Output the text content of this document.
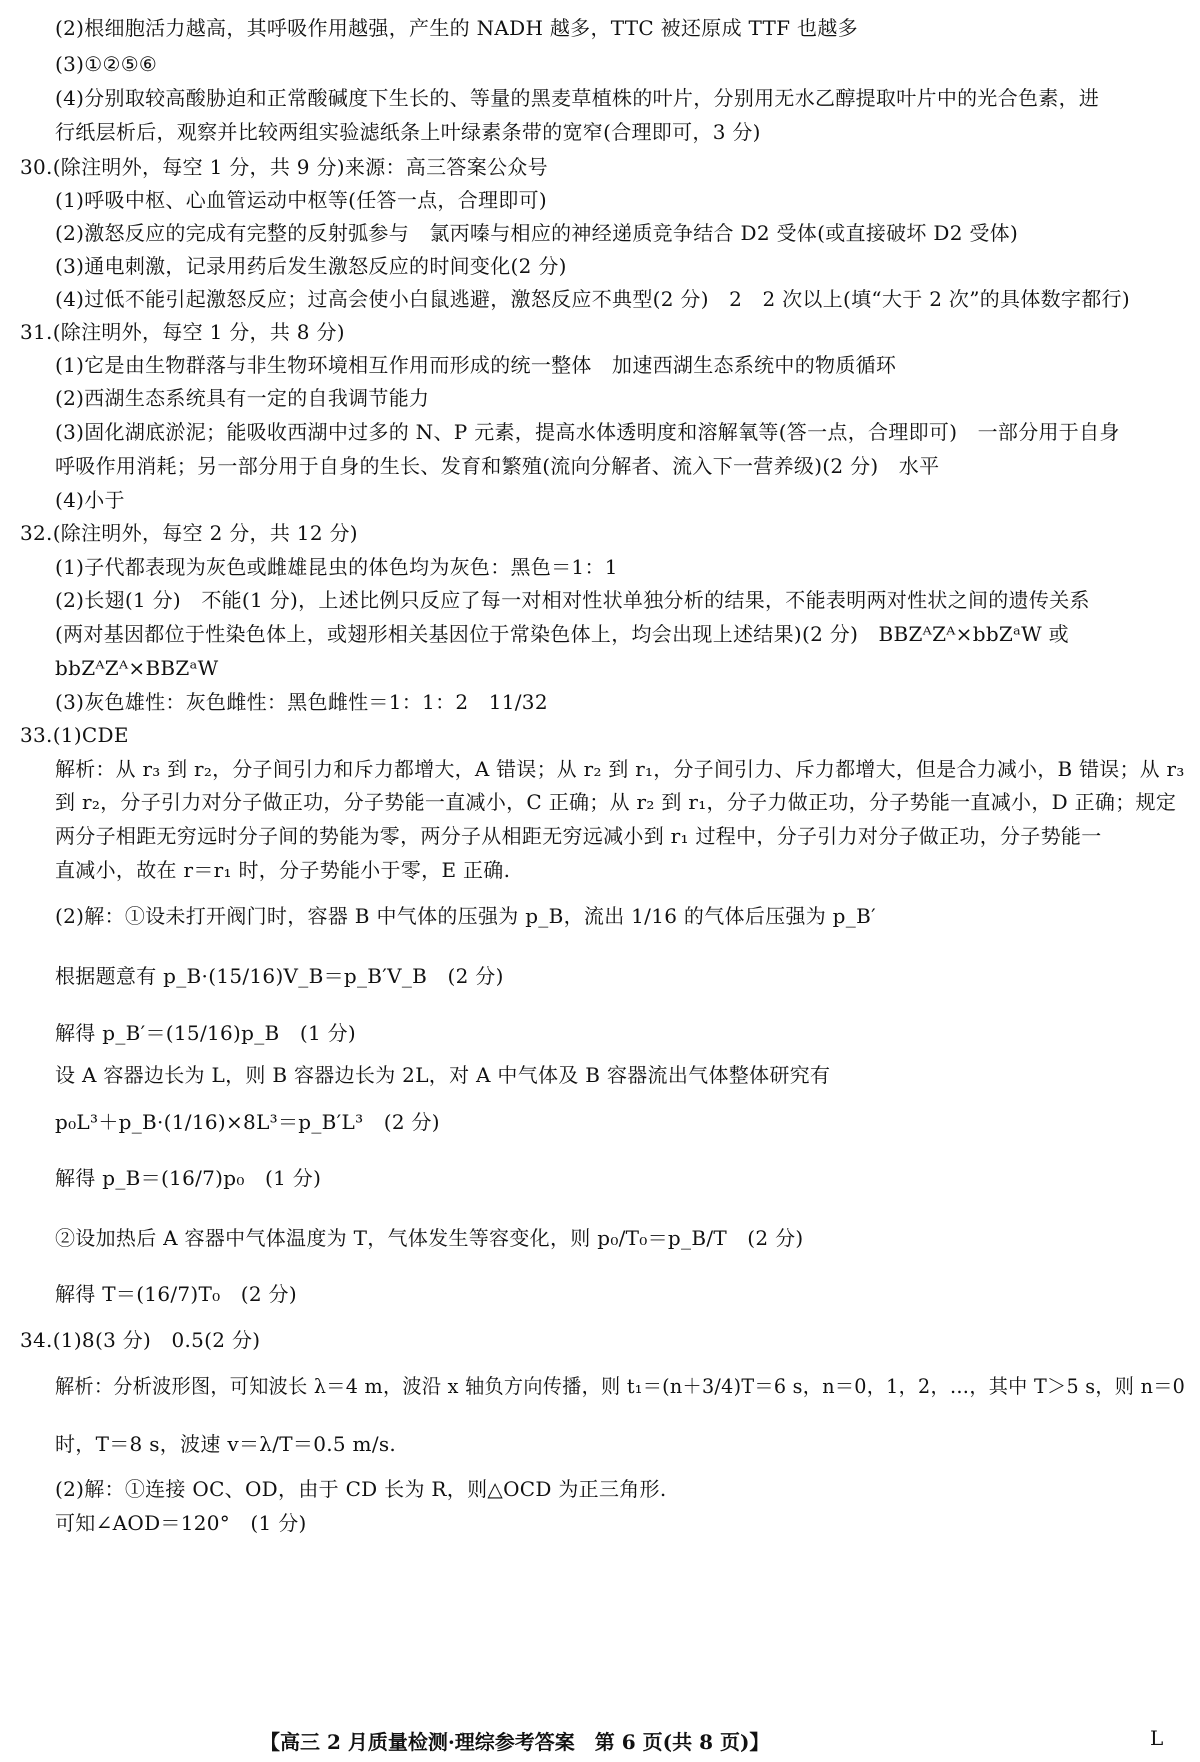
(2)根细胞活力越高，其呼吸作用越强，产生的 NADH 越多，TTC 被还原成 TTF 也越多
(3)①②⑤⑥
(4)分别取较高酸胁迫和正常酸碱度下生长的、等量的黑麦草植株的叶片，分别用无水乙醇提取叶片中的光合色素，进
行纸层析后，观察并比较两组实验滤纸条上叶绿素条带的宽窄(合理即可，3 分)
30.(除注明外，每空 1 分，共 9 分)来源：高三答案公众号
(1)呼吸中枢、心血管运动中枢等(任答一点，合理即可)
(2)激怒反应的完成有完整的反射弧参与　氯丙嗪与相应的神经递质竞争结合 D2 受体(或直接破坏 D2 受体)
(3)通电刺激，记录用药后发生激怒反应的时间变化(2 分)
(4)过低不能引起激怒反应；过高会使小白鼠逃避，激怒反应不典型(2 分)　2　2 次以上(填“大于 2 次”的具体数字都行)
31.(除注明外，每空 1 分，共 8 分)
(1)它是由生物群落与非生物环境相互作用而形成的统一整体　加速西湖生态系统中的物质循环
(2)西湖生态系统具有一定的自我调节能力
(3)固化湖底淤泥；能吸收西湖中过多的 N、P 元素，提高水体透明度和溶解氧等(答一点，合理即可)　一部分用于自身
呼吸作用消耗；另一部分用于自身的生长、发育和繁殖(流向分解者、流入下一营养级)(2 分)　水平
(4)小于
32.(除注明外，每空 2 分，共 12 分)
(1)子代都表现为灰色或雌雄昆虫的体色均为灰色：黑色＝1：1
(2)长翅(1 分)　不能(1 分)，上述比例只反应了每一对相对性状单独分析的结果，不能表明两对性状之间的遗传关系
(两对基因都位于性染色体上，或翅形相关基因位于常染色体上，均会出现上述结果)(2 分)　BBZᴬZᴬ×bbZᵃW 或
bbZᴬZᴬ×BBZᵃW
(3)灰色雄性：灰色雌性：黑色雌性＝1：1：2　11/32
33.(1)CDE
解析：从 r₃ 到 r₂，分子间引力和斥力都增大，A 错误；从 r₂ 到 r₁，分子间引力、斥力都增大，但是合力减小，B 错误；从 r₃
到 r₂，分子引力对分子做正功，分子势能一直减小，C 正确；从 r₂ 到 r₁，分子力做正功，分子势能一直减小，D 正确；规定
两分子相距无穷远时分子间的势能为零，两分子从相距无穷远减小到 r₁ 过程中，分子引力对分子做正功，分子势能一
直减小，故在 r＝r₁ 时，分子势能小于零，E 正确.
(2)解：①设未打开阀门时，容器 B 中气体的压强为 p_B，流出 1/16 的气体后压强为 p_B′
根据题意有 p_B·(15/16)V_B＝p_B′V_B　(2 分)
解得 p_B′＝(15/16)p_B　(1 分)
设 A 容器边长为 L，则 B 容器边长为 2L，对 A 中气体及 B 容器流出气体整体研究有
p₀L³＋p_B·(1/16)×8L³＝p_B′L³　(2 分)
解得 p_B＝(16/7)p₀　(1 分)
②设加热后 A 容器中气体温度为 T，气体发生等容变化，则 p₀/T₀＝p_B/T　(2 分)
解得 T＝(16/7)T₀　(2 分)
34.(1)8(3 分)　0.5(2 分)
解析：分析波形图，可知波长 λ＝4 m，波沿 x 轴负方向传播，则 t₁＝(n＋3/4)T＝6 s，n＝0，1，2，…，其中 T＞5 s，则 n＝0
时，T＝8 s，波速 v＝λ/T＝0.5 m/s.
(2)解：①连接 OC、OD，由于 CD 长为 R，则△OCD 为正三角形.
可知∠AOD＝120°　(1 分)
【高三 2 月质量检测·理综参考答案　第 6 页(共 8 页)】	L
